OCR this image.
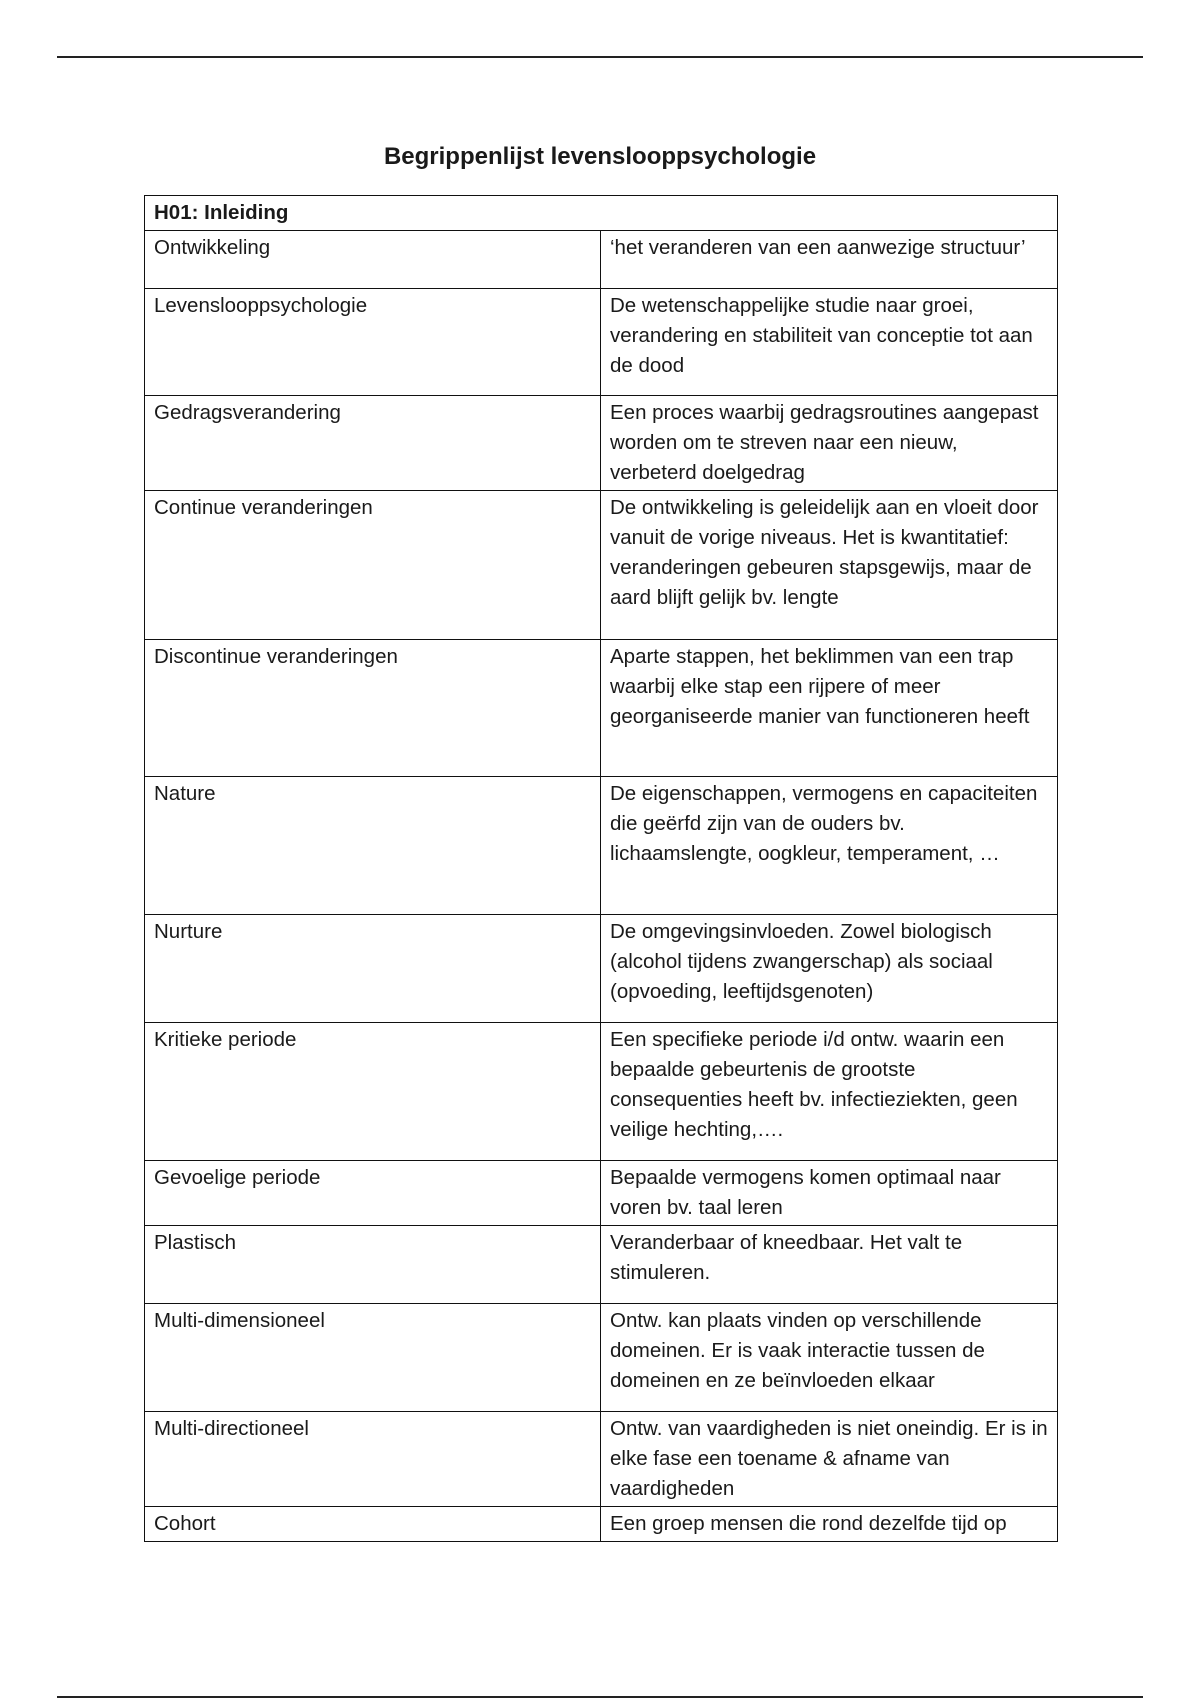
Begrippenlijst levenslooppsychologie
H01: Inleiding	
Ontwikkeling	‘het veranderen van een aanwezige structuur’
Levenslooppsychologie	De wetenschappelijke studie naar groei, verandering en stabiliteit van conceptie tot aan de dood
Gedragsverandering	Een proces waarbij gedragsroutines aangepast worden om te streven naar een nieuw, verbeterd doelgedrag
Continue veranderingen	De ontwikkeling is geleidelijk aan en vloeit door vanuit de vorige niveaus. Het is kwantitatief: veranderingen gebeuren stapsgewijs, maar de aard blijft gelijk bv. lengte
Discontinue veranderingen	Aparte stappen, het beklimmen van een trap waarbij elke stap een rijpere of meer georganiseerde manier van functioneren heeft
Nature	De eigenschappen, vermogens en capaciteiten die geërfd zijn van de ouders bv. lichaamslengte, oogkleur, temperament, …
Nurture	De omgevingsinvloeden. Zowel biologisch (alcohol tijdens zwangerschap) als sociaal (opvoeding, leeftijdsgenoten)
Kritieke periode	Een specifieke periode i/d ontw. waarin een bepaalde gebeurtenis de grootste consequenties heeft bv. infectieziekten, geen veilige hechting,….
Gevoelige periode	Bepaalde vermogens komen optimaal naar voren bv. taal leren
Plastisch	Veranderbaar of kneedbaar. Het valt te stimuleren.
Multi-dimensioneel	Ontw. kan plaats vinden op verschillende domeinen. Er is vaak interactie tussen de domeinen en ze beïnvloeden elkaar
Multi-directioneel	Ontw. van vaardigheden is niet oneindig. Er is in elke fase een toename & afname van vaardigheden
Cohort	Een groep mensen die rond dezelfde tijd op
